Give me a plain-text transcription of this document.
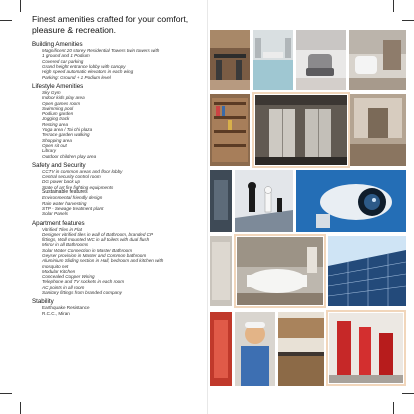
Finest amenities crafted for your comfort, pleasure & recreation.
Building Amenities
Magnificent 20 storey Residential Towers twin towers with
1 ground and 1 Podium
Covered car parking
Grand height entrance lobby with canopy
High speed automatic elevators in each wing
Parking: Ground + 1 Podium level
Lifestyle Amenities
Sky Gym
Indoor kids play area
Open games room
Swimming pool
Podium garden
Jogging track
Resting area
Yoga area / Tai chi plaza
Terrace garden walking
Shopping area
Open sit out
Library
Outdoor children play area
Safety and Security
CCTV in common areas and floor lobby
Central security control room
DG power back up
State of art fire fighting equipments
Sustainable features
Environmental friendly design
Rain water harvesting
STP - Sewage treatment plant
Solar Panels
Apartment features
Vitrified Tiles in Flat
Designer vitrified tiles in wall of Bathroom, branded CP
fittings, Wall mounted WC in all toilets with dual flush
Mirror in all Bathrooms
Solar Water Connection in Master Bathroom
Geyser provision in Master and Common bathroom
Aluminium Sliding section in Hall, bedroom and kitchen with
mosquito net
Modular Kitchen
Concealed Copper Wiring
Telephone and TV sockets in each room
AC points in all room
Sanitary fittings from branded company
Stability
Earthquake Resistance
R.C.C., Miran
